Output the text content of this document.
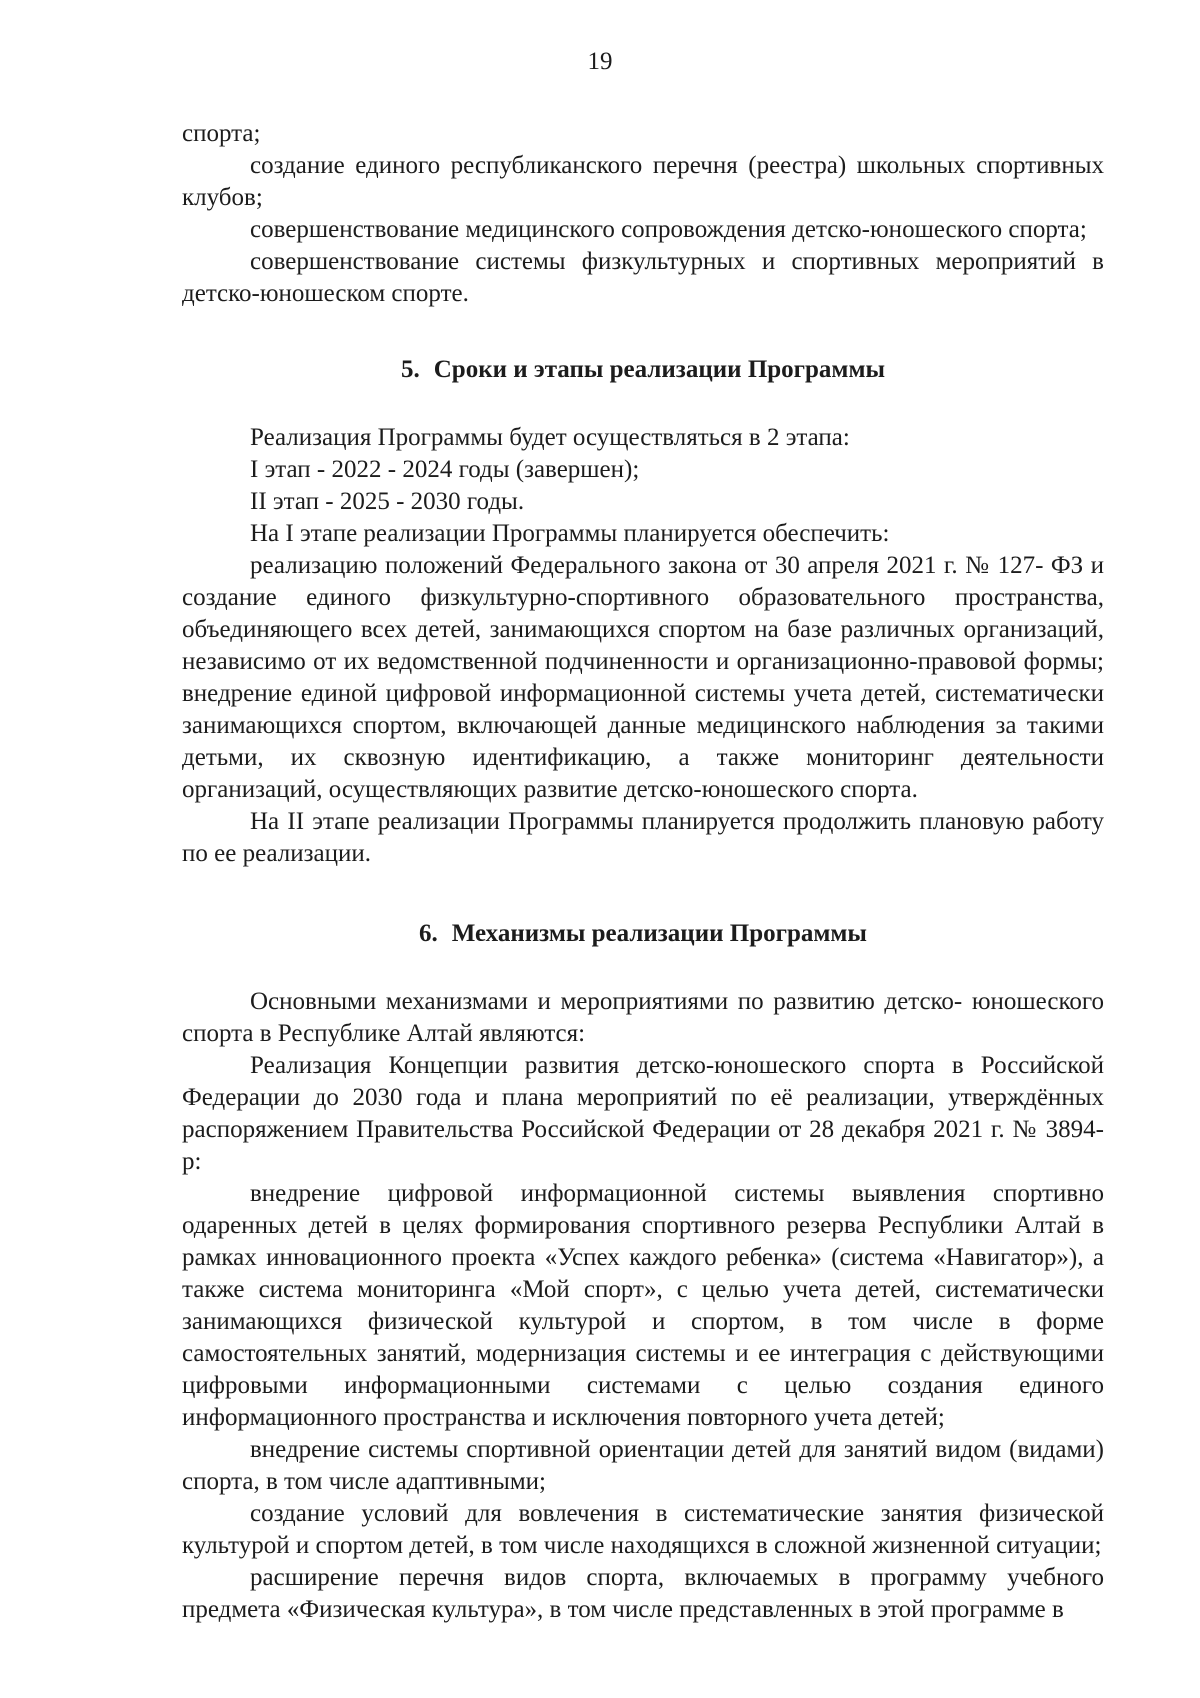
19

спорта;

создание единого республиканского перечня (реестра) школьных спортивных клубов;

совершенствование медицинского сопровождения детско-юношеского спорта;

совершенствование системы физкультурных и спортивных мероприятий в детско-юношеском спорте.

5. Сроки и этапы реализации Программы

Реализация Программы будет осуществляться в 2 этапа:

I этап - 2022 - 2024 годы (завершен);

II этап - 2025 - 2030 годы.

На I этапе реализации Программы планируется обеспечить:

реализацию положений Федерального закона от 30 апреля 2021 г. № 127- ФЗ и создание единого физкультурно-спортивного образовательного пространства, объединяющего всех детей, занимающихся спортом на базе различных организаций, независимо от их ведомственной подчиненности и организационно-правовой формы; внедрение единой цифровой информационной системы учета детей, систематически занимающихся спортом, включающей данные медицинского наблюдения за такими детьми, их сквозную идентификацию, а также мониторинг деятельности организаций, осуществляющих развитие детско-юношеского спорта.

На II этапе реализации Программы планируется продолжить плановую работу по ее реализации.

6. Механизмы реализации Программы

Основными механизмами и мероприятиями по развитию детско- юношеского спорта в Республике Алтай являются:

Реализация Концепции развития детско-юношеского спорта в Российской Федерации до 2030 года и плана мероприятий по её реализации, утверждённых распоряжением Правительства Российской Федерации от 28 декабря 2021 г. № 3894-р:

внедрение цифровой информационной системы выявления спортивно одаренных детей в целях формирования спортивного резерва Республики Алтай в рамках инновационного проекта «Успех каждого ребенка» (система «Навигатор»), а также система мониторинга «Мой спорт», с целью учета детей, систематически занимающихся физической культурой и спортом, в том числе в форме самостоятельных занятий, модернизация системы и ее интеграция с действующими цифровыми информационными системами с целью создания единого информационного пространства и исключения повторного учета детей;

внедрение системы спортивной ориентации детей для занятий видом (видами) спорта, в том числе адаптивными;

создание условий для вовлечения в систематические занятия физической культурой и спортом детей, в том числе находящихся в сложной жизненной ситуации;

расширение перечня видов спорта, включаемых в программу учебного предмета «Физическая культура», в том числе представленных в этой программе в
